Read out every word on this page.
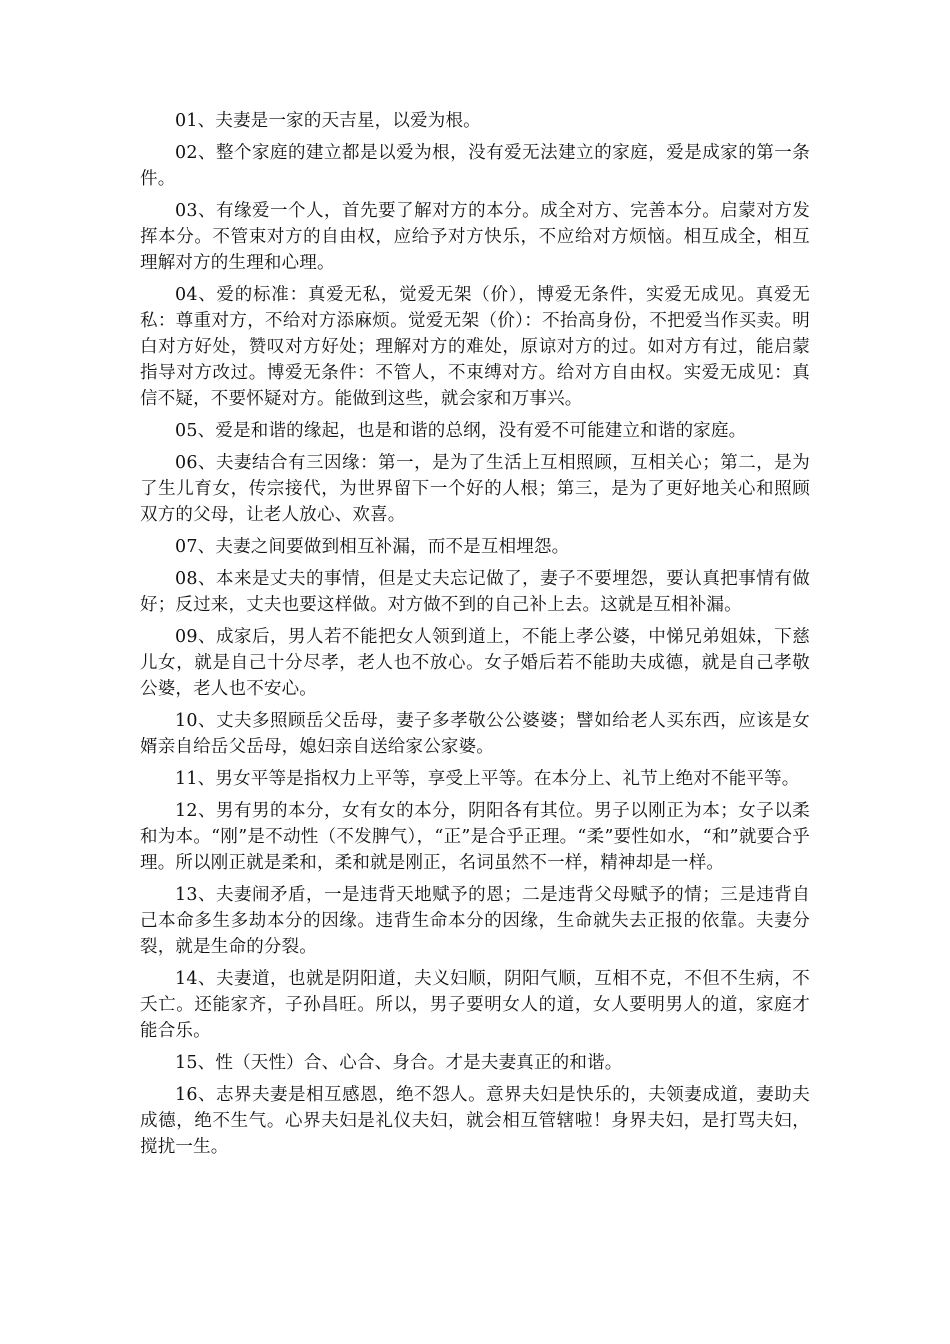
01、夫妻是一家的天吉星，以爱为根。

02、整个家庭的建立都是以爱为根，没有爱无法建立的家庭，爱是成家的第一条件。

03、有缘爱一个人，首先要了解对方的本分。成全对方、完善本分。启蒙对方发挥本分。不管束对方的自由权，应给予对方快乐，不应给对方烦恼。相互成全，相互理解对方的生理和心理。

04、爱的标准：真爱无私，觉爱无架（价），博爱无条件，实爱无成见。真爱无私：尊重对方，不给对方添麻烦。觉爱无架（价）：不抬高身份，不把爱当作买卖。明白对方好处，赞叹对方好处；理解对方的难处，原谅对方的过。如对方有过，能启蒙指导对方改过。博爱无条件：不管人，不束缚对方。给对方自由权。实爱无成见：真信不疑，不要怀疑对方。能做到这些，就会家和万事兴。

05、爱是和谐的缘起，也是和谐的总纲，没有爱不可能建立和谐的家庭。

06、夫妻结合有三因缘：第一，是为了生活上互相照顾，互相关心；第二，是为了生儿育女，传宗接代，为世界留下一个好的人根；第三，是为了更好地关心和照顾双方的父母，让老人放心、欢喜。

07、夫妻之间要做到相互补漏，而不是互相埋怨。

08、本来是丈夫的事情，但是丈夫忘记做了，妻子不要埋怨，要认真把事情有做好；反过来，丈夫也要这样做。对方做不到的自己补上去。这就是互相补漏。

09、成家后，男人若不能把女人领到道上，不能上孝公婆，中悌兄弟姐妹，下慈儿女，就是自己十分尽孝，老人也不放心。女子婚后若不能助夫成德，就是自己孝敬公婆，老人也不安心。

10、丈夫多照顾岳父岳母，妻子多孝敬公公婆婆；譬如给老人买东西，应该是女婿亲自给岳父岳母，媳妇亲自送给家公家婆。

11、男女平等是指权力上平等，享受上平等。在本分上、礼节上绝对不能平等。

12、男有男的本分，女有女的本分，阴阳各有其位。男子以刚正为本；女子以柔和为本。“刚”是不动性（不发脾气），“正”是合乎正理。“柔”要性如水，“和”就要合乎理。所以刚正就是柔和，柔和就是刚正，名词虽然不一样，精神却是一样。

13、夫妻闹矛盾，一是违背天地赋予的恩；二是违背父母赋予的情；三是违背自己本命多生多劫本分的因缘。违背生命本分的因缘，生命就失去正报的依靠。夫妻分裂，就是生命的分裂。

14、夫妻道，也就是阴阳道，夫义妇顺，阴阳气顺，互相不克，不但不生病，不夭亡。还能家齐，子孙昌旺。所以，男子要明女人的道，女人要明男人的道，家庭才能合乐。

15、性（天性）合、心合、身合。才是夫妻真正的和谐。

16、志界夫妻是相互感恩，绝不怨人。意界夫妇是快乐的，夫领妻成道，妻助夫成德，绝不生气。心界夫妇是礼仪夫妇，就会相互管辖啦！身界夫妇，是打骂夫妇，搅扰一生。
